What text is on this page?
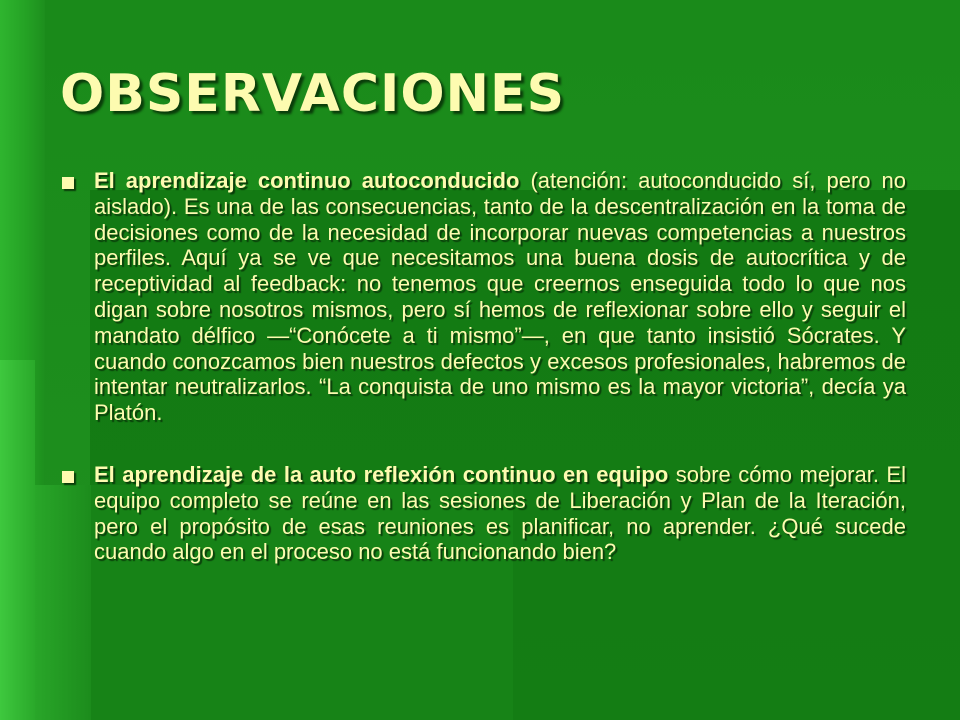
OBSERVACIONES

El aprendizaje continuo autoconducido (atención: autoconducido sí, pero no aislado). Es una de las consecuencias, tanto de la descentralización en la toma de decisiones como de la necesidad de incorporar nuevas competencias a nuestros perfiles. Aquí ya se ve que necesitamos una buena dosis de autocrítica y de receptividad al feedback: no tenemos que creernos enseguida todo lo que nos digan sobre nosotros mismos, pero sí hemos de reflexionar sobre ello y seguir el mandato délfico —“Conócete a ti mismo”—, en que tanto insistió Sócrates. Y cuando conozcamos bien nuestros defectos y excesos profesionales, habremos de intentar neutralizarlos. “La conquista de uno mismo es la mayor victoria”, decía ya Platón.

El aprendizaje de la auto reflexión continuo en equipo sobre cómo mejorar. El equipo completo se reúne en las sesiones de Liberación y Plan de la Iteración, pero el propósito de esas reuniones es planificar, no aprender. ¿Qué sucede cuando algo en el proceso no está funcionando bien?
